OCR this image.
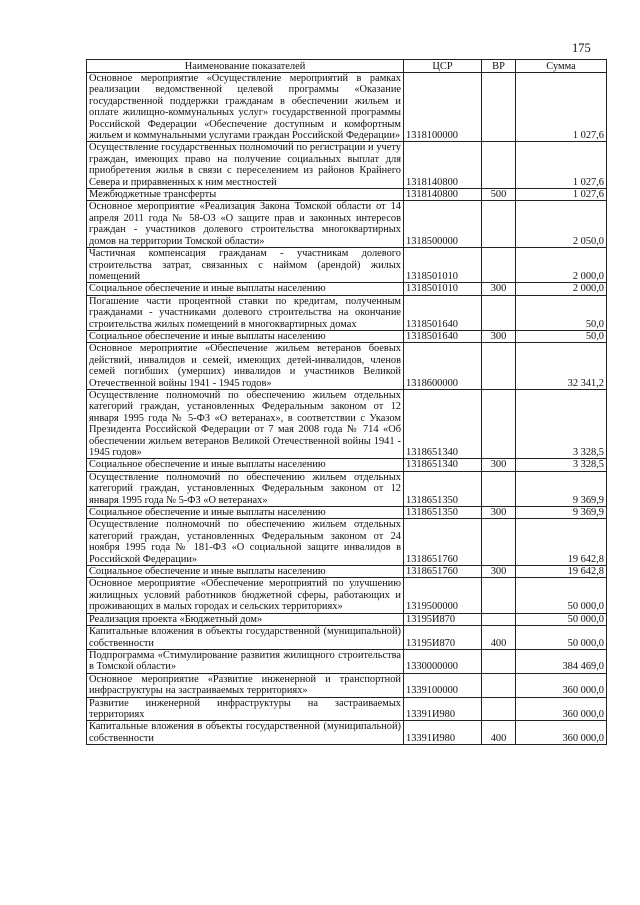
175
Наименование показателей	ЦСР	ВР	Сумма
Основное мероприятие «Осуществление мероприятий в рамках реализации ведомственной целевой программы «Оказание государственной поддержки гражданам в обеспечении жильем и оплате жилищно-коммунальных услуг» государственной программы Российской Федерации «Обеспечение доступным и комфортным жильем и коммунальными услугами граждан Российской Федерации»	1318100000		1 027,6
Осуществление государственных полномочий по регистрации и учету граждан, имеющих право на получение социальных выплат для приобретения жилья в связи с переселением из районов Крайнего Севера и приравненных к ним местностей	1318140800		1 027,6
Межбюджетные трансферты	1318140800	500	1 027,6
Основное мероприятие «Реализация Закона Томской области от 14 апреля 2011 года № 58-ОЗ «О защите прав и законных интересов граждан - участников долевого строительства многоквартирных домов на территории Томской области»	1318500000		2 050,0
Частичная компенсация гражданам - участникам долевого строительства затрат, связанных с наймом (арендой) жилых помещений	1318501010		2 000,0
Социальное обеспечение и иные выплаты населению	1318501010	300	2 000,0
Погашение части процентной ставки по кредитам, полученным гражданами - участниками долевого строительства на окончание строительства жилых помещений в многоквартирных домах	1318501640		50,0
Социальное обеспечение и иные выплаты населению	1318501640	300	50,0
Основное мероприятие «Обеспечение жильем ветеранов боевых действий, инвалидов и семей, имеющих детей-инвалидов, членов семей погибших (умерших) инвалидов и участников Великой Отечественной войны 1941 - 1945 годов»	1318600000		32 341,2
Осуществление полномочий по обеспечению жильем отдельных категорий граждан, установленных Федеральным законом от 12 января 1995 года № 5-ФЗ «О ветеранах», в соответствии с Указом Президента Российской Федерации от 7 мая 2008 года № 714 «Об обеспечении жильем ветеранов Великой Отечественной войны 1941 - 1945 годов»	1318651340		3 328,5
Социальное обеспечение и иные выплаты населению	1318651340	300	3 328,5
Осуществление полномочий по обеспечению жильем отдельных категорий граждан, установленных Федеральным законом от 12 января 1995 года № 5-ФЗ «О ветеранах»	1318651350		9 369,9
Социальное обеспечение и иные выплаты населению	1318651350	300	9 369,9
Осуществление полномочий по обеспечению жильем отдельных категорий граждан, установленных Федеральным законом от 24 ноября 1995 года № 181-ФЗ «О социальной защите инвалидов в Российской Федерации»	1318651760		19 642,8
Социальное обеспечение и иные выплаты населению	1318651760	300	19 642,8
Основное мероприятие «Обеспечение мероприятий по улучшению жилищных условий работников бюджетной сферы, работающих и проживающих в малых городах и сельских территориях»	1319500000		50 000,0
Реализация проекта «Бюджетный дом»	13195И870		50 000,0
Капитальные вложения в объекты государственной (муниципальной) собственности	13195И870	400	50 000,0
Подпрограмма «Стимулирование развития жилищного строительства в Томской области»	1330000000		384 469,0
Основное мероприятие «Развитие инженерной и транспортной инфраструктуры на застраиваемых территориях»	1339100000		360 000,0
Развитие инженерной инфраструктуры на застраиваемых территориях	13391И980		360 000,0
Капитальные вложения в объекты государственной (муниципальной) собственности	13391И980	400	360 000,0
